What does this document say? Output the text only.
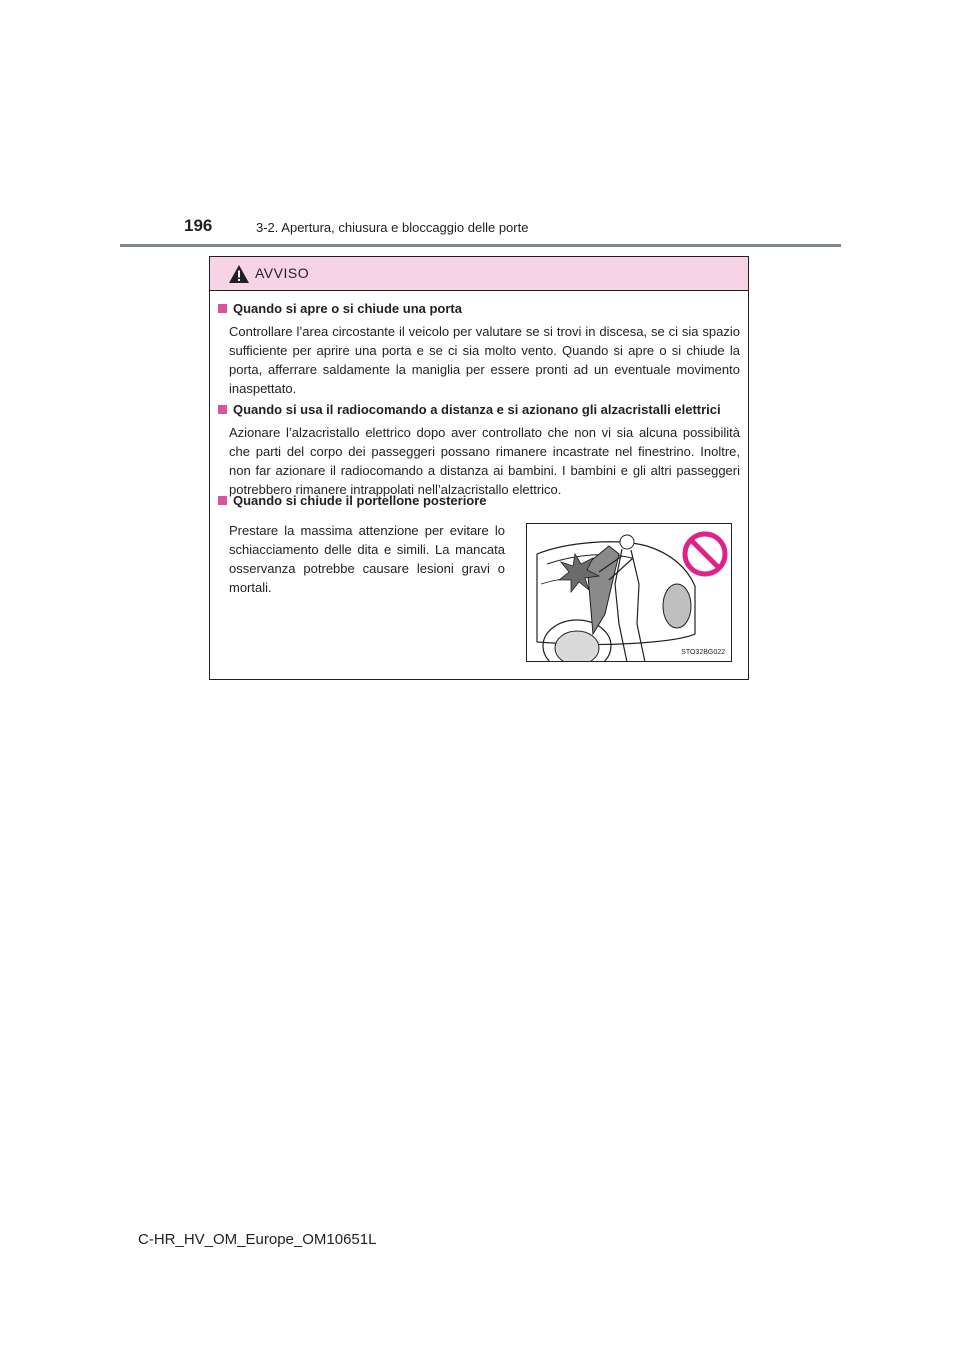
196	3-2. Apertura, chiusura e bloccaggio delle porte
AVVISO
Quando si apre o si chiude una porta

Controllare l’area circostante il veicolo per valutare se si trovi in discesa, se ci sia spazio sufficiente per aprire una porta e se ci sia molto vento. Quando si apre o si chiude la porta, afferrare saldamente la maniglia per essere pronti ad un eventuale movimento inaspettato.

Quando si usa il radiocomando a distanza e si azionano gli alzacristalli elettrici

Azionare l’alzacristallo elettrico dopo aver controllato che non vi sia alcuna possibilità che parti del corpo dei passeggeri possano rimanere incastrate nel finestrino. Inoltre, non far azionare il radiocomando a distanza ai bambini. I bambini e gli altri passeggeri potrebbero rimanere intrappolati nell’alzacristallo elettrico.

Quando si chiude il portellone posteriore

Prestare la massima attenzione per evitare lo schiacciamento delle dita e simili. La mancata osservanza potrebbe causare lesioni gravi o mortali.

STO32BG022
C-HR_HV_OM_Europe_OM10651L
